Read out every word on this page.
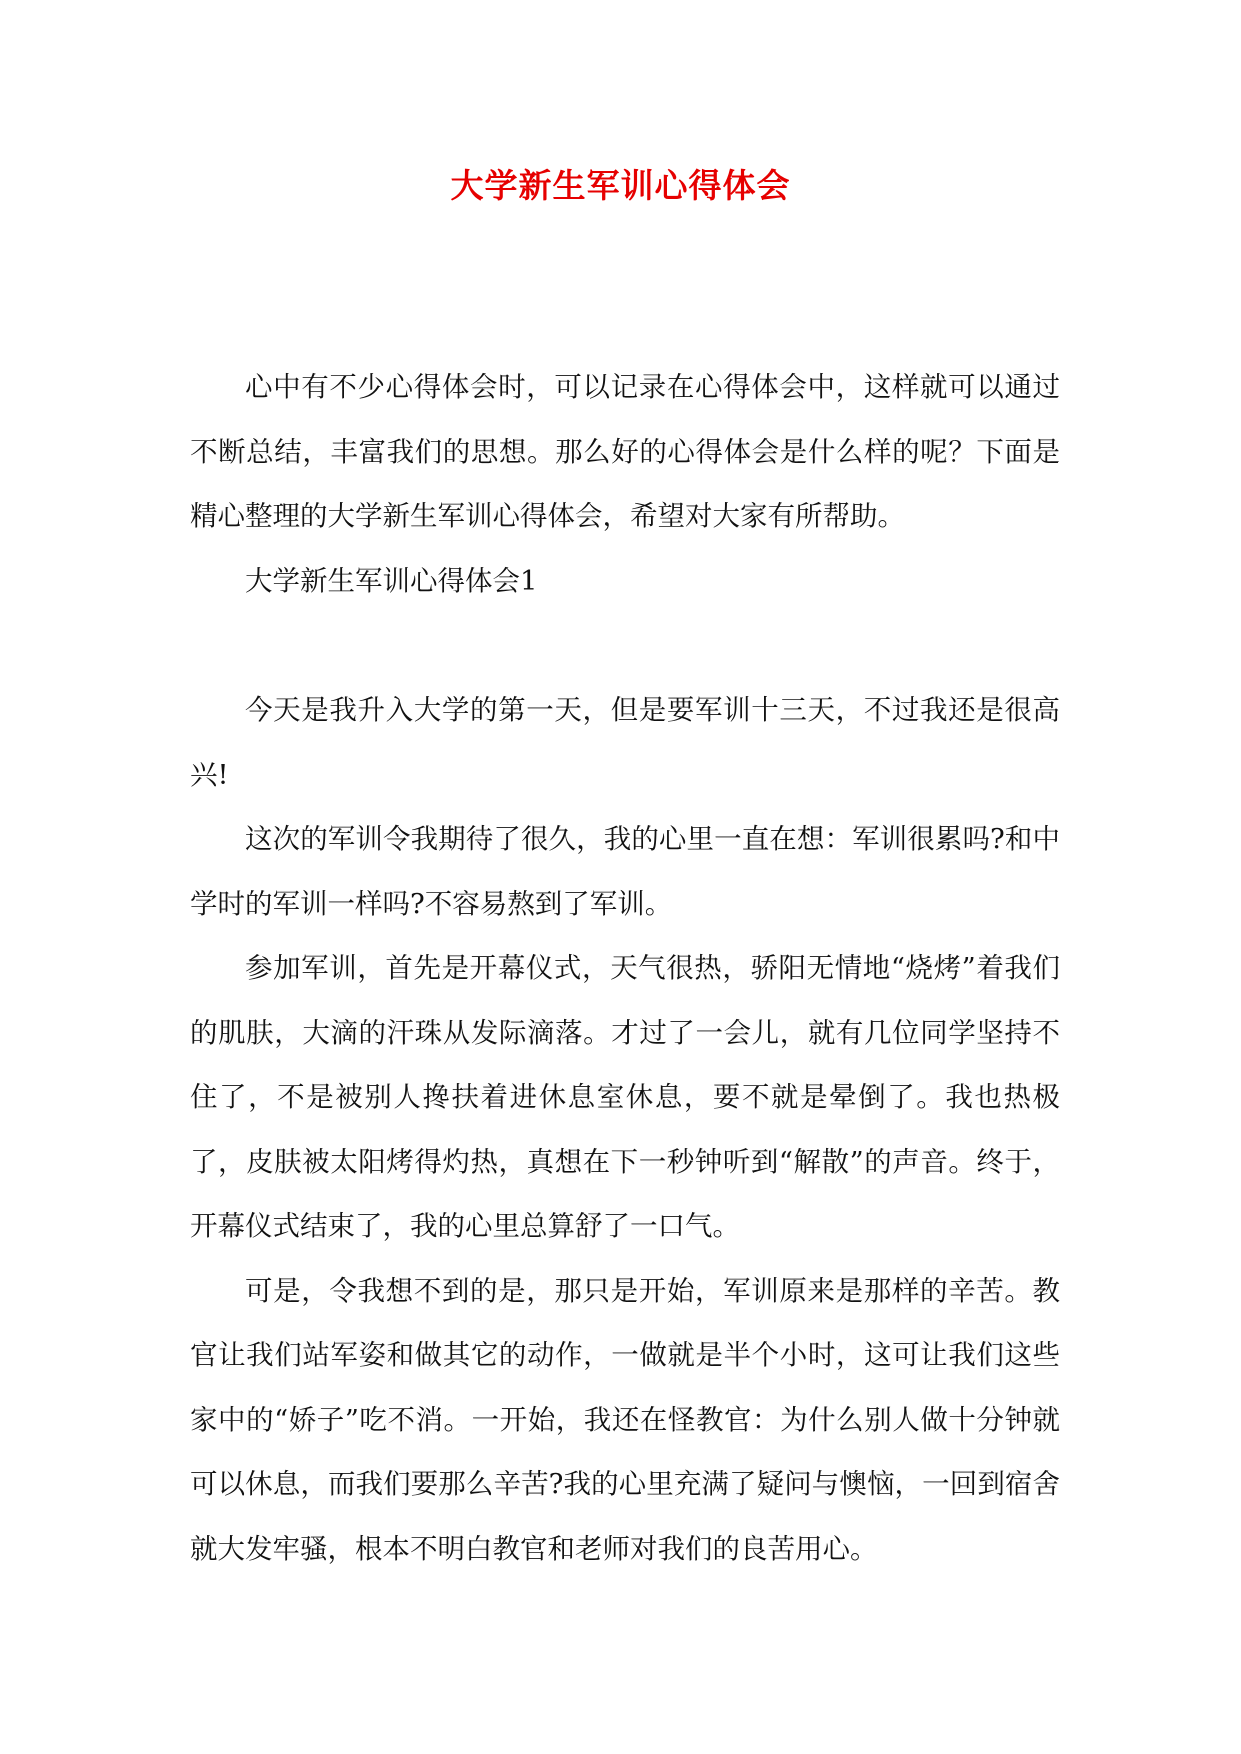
大学新生军训心得体会

心中有不少心得体会时，可以记录在心得体会中，这样就可以通过不断总结，丰富我们的思想。那么好的心得体会是什么样的呢？下面是精心整理的大学新生军训心得体会，希望对大家有所帮助。

大学新生军训心得体会1

今天是我升入大学的第一天，但是要军训十三天，不过我还是很高兴!

这次的军训令我期待了很久，我的心里一直在想：军训很累吗?和中学时的军训一样吗?不容易熬到了军训。

参加军训，首先是开幕仪式，天气很热，骄阳无情地“烧烤”着我们的肌肤，大滴的汗珠从发际滴落。才过了一会儿，就有几位同学坚持不住了，不是被别人搀扶着进休息室休息，要不就是晕倒了。我也热极了，皮肤被太阳烤得灼热，真想在下一秒钟听到“解散”的声音。终于，开幕仪式结束了，我的心里总算舒了一口气。

可是，令我想不到的是，那只是开始，军训原来是那样的辛苦。教官让我们站军姿和做其它的动作，一做就是半个小时，这可让我们这些家中的“娇子”吃不消。一开始，我还在怪教官：为什么别人做十分钟就可以休息，而我们要那么辛苦?我的心里充满了疑问与懊恼，一回到宿舍就大发牢骚，根本不明白教官和老师对我们的良苦用心。
